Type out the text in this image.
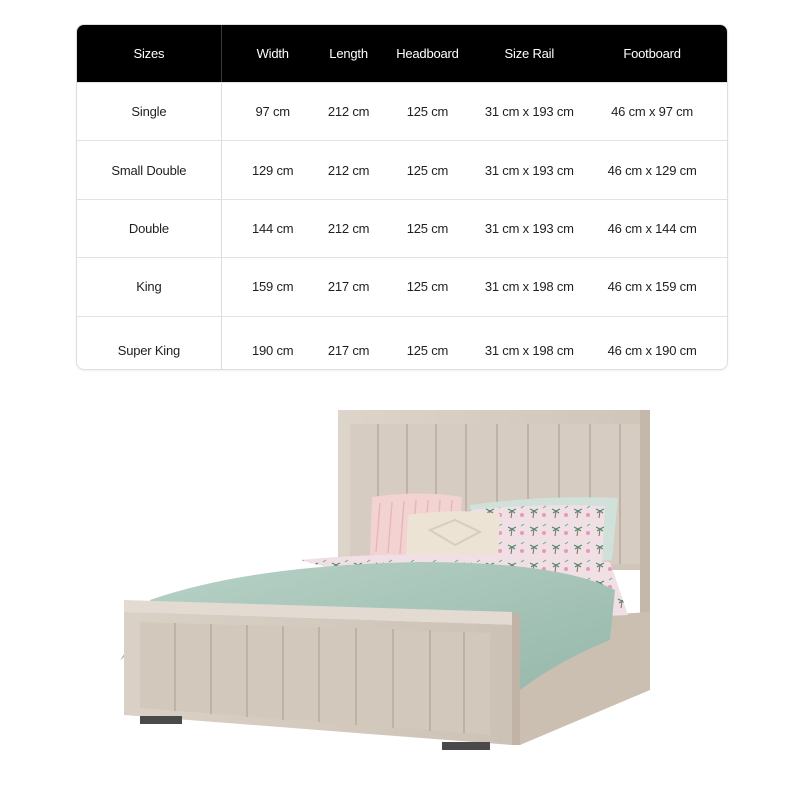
Sizes	Width	Length	Headboard	Size Rail	Footboard
Single	97 cm	212 cm	125 cm	31 cm x 193 cm	46 cm x 97 cm
Small Double	129 cm	212 cm	125 cm	31 cm x 193 cm	46 cm x 129 cm
Double	144 cm	212 cm	125 cm	31 cm x 193 cm	46 cm x 144 cm
King	159 cm	217 cm	125 cm	31 cm x 198 cm	46 cm x 159 cm
Super King	190 cm	217 cm	125 cm	31 cm x 198 cm	46 cm x 190 cm
